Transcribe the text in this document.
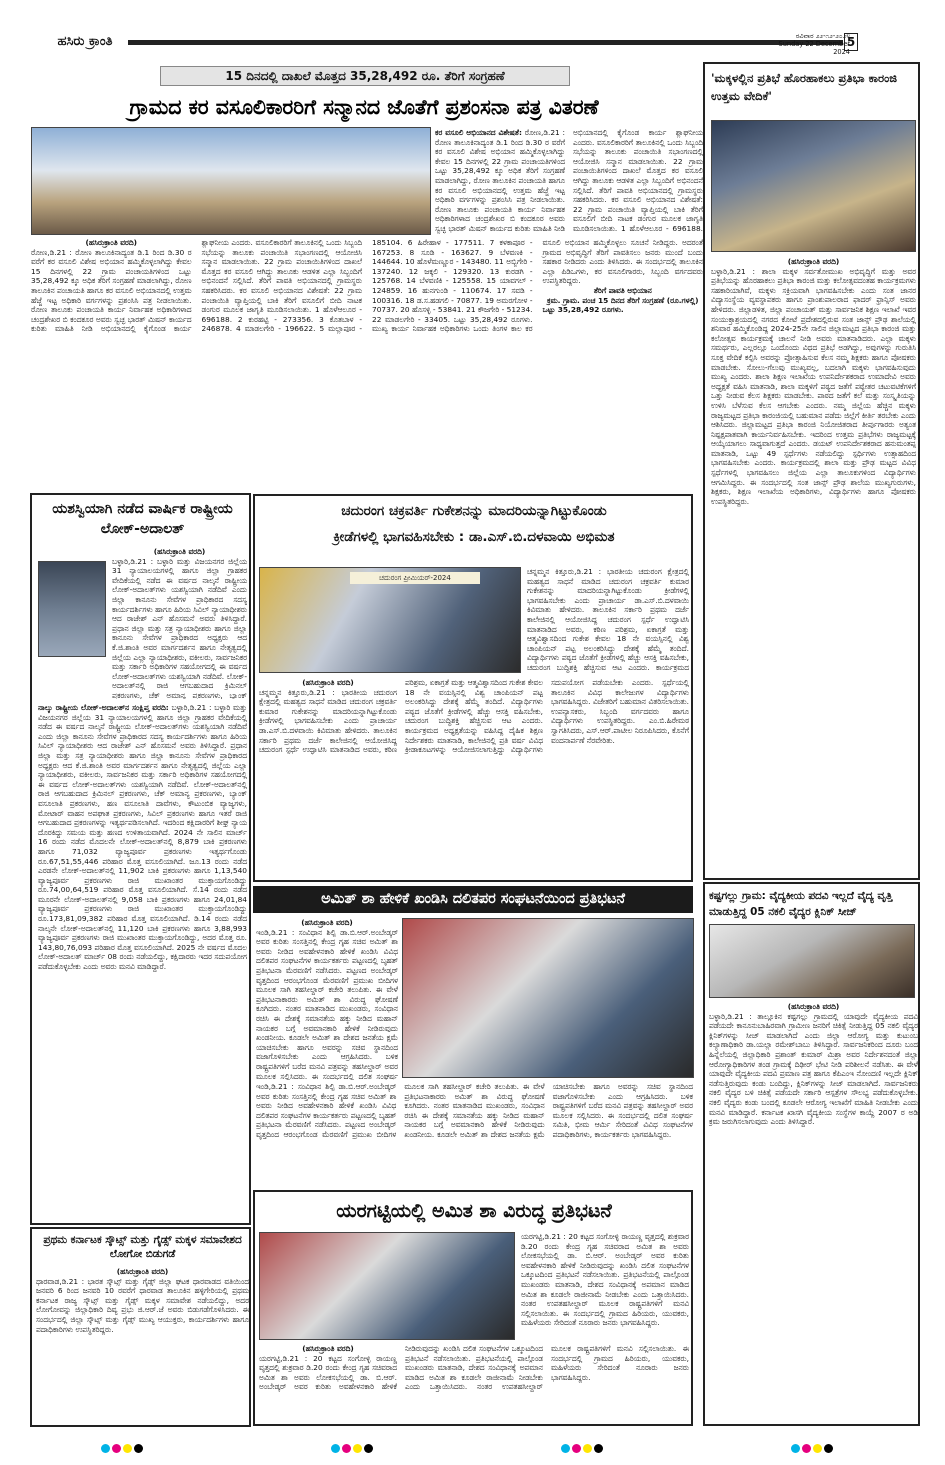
ಹಸಿರು ಕ್ರಾಂತಿ	ರವಿವಾರ ೨೨-೧೨-೨೦೨೪
Sunday 22 December 2024
5
15 ದಿನದಲ್ಲಿ ದಾಖಲೆ ಮೊತ್ತದ 35,28,492 ರೂ. ತೆರಿಗೆ ಸಂಗ್ರಹಣೆ
ಗ್ರಾಮದ ಕರ ವಸೂಲಿಕಾರರಿಗೆ ಸನ್ಮಾನದ ಜೊತೆಗೆ ಪ್ರಶಂಸನಾ ಪತ್ರ ವಿತರಣೆ
ಕರ ವಸೂಲಿ ಅಭಿಯಾನದ ವಿಶೇಷತೆ: ರೋಣ,ಡಿ.21 : ರೋಣ ತಾಲೂಕಿನಾದ್ಯಂತ ಡಿ.1 ರಿಂದ ಡಿ.30 ರ ವರೆಗೆ ಕರ ವಸೂಲಿ ವಿಶೇಷ ಅಭಿಯಾನ ಹಮ್ಮಿಕೊಳ್ಳಲಾಗಿದ್ದು ಕೇವಲ 15 ದಿನಗಳಲ್ಲಿ 22 ಗ್ರಾಮ ಪಂಚಾಯತಿಗಳಿಂದ ಒಟ್ಟು 35,28,492 ಕ್ಕೂ ಅಧಿಕ ತೆರಿಗೆ ಸಂಗ್ರಹಣೆ ಮಾಡಲಾಗಿದ್ದು, ರೋಣ ತಾಲೂಕಿನ ಪಂಚಾಯತಿ ಹಾಗೂ ಕರ ವಸೂಲಿ ಅಭಿಯಾನದಲ್ಲಿ ಉತ್ತಮ ಹೆಜ್ಜೆ ಇಟ್ಟ ಅಧಿಕಾರಿ ವರ್ಗಗಳನ್ನು ಪ್ರಶಂಸಿಸಿ ಪತ್ರ ನೀಡಲಾಯಿತು. ರೋಣ ತಾಲೂಕು ಪಂಚಾಯತಿ ಕಾರ್ಯ ನಿರ್ವಾಹಕ ಅಧಿಕಾರಿಗಳಾದ ಚಂದ್ರಶೇಖರ ಬಿ ಕಂದಕೂರ ಅವರು ಸ್ವಚ್ಛ ಭಾರತ್ ಮಿಷನ್ ಕಾರ್ಯದ ಕುರಿತು ಮಾಹಿತಿ ನೀಡಿ ಅಭಿಯಾನದಲ್ಲಿ ಕೈಗೊಂಡ ಕಾರ್ಯ ಶ್ಲಾಘನೀಯ ಎಂದರು. ವಸೂಲಿಕಾರರಿಗೆ ತಾಲೂಕಿನಲ್ಲಿ ಒಂದು ಸಿಬ್ಬಂದಿ ಸಭೆಯನ್ನು ತಾಲೂಕು ಪಂಚಾಯಿತಿ ಸಭಾಂಗಣದಲ್ಲಿ ಆಯೋಜಿಸಿ ಸನ್ಮಾನ ಮಾಡಲಾಯಿತು. 22 ಗ್ರಾಮ ಪಂಚಾಯಿತಿಗಳಿಂದ ದಾಖಲೆ ಮೊತ್ತದ ಕರ ವಸೂಲಿ ಆಗಿದ್ದು ತಾಲೂಕು ಆಡಳಿತ ಎಲ್ಲಾ ಸಿಬ್ಬಂದಿಗೆ ಅಭಿನಂದನೆ ಸಲ್ಲಿಸಿದೆ. ತೆರಿಗೆ ಪಾವತಿ ಅಭಿಯಾನದಲ್ಲಿ ಗ್ರಾಮಸ್ಥರು ಸಹಕರಿಸಿದರು. ಕರ ವಸೂಲಿ ಅಭಿಯಾನದ ವಿಶೇಷತೆ: 22 ಗ್ರಾಮ ಪಂಚಾಯಿತಿ ವ್ಯಾಪ್ತಿಯಲ್ಲಿ ಬಾಕಿ ತೆರಿಗೆ ವಸೂಲಿಗೆ ಬೀದಿ ನಾಟಕ ಡಂಗುರ ಮೂಲಕ ಜಾಗೃತಿ ಮೂಡಿಸಲಾಯಿತು. 1 ಹೊಳೆಆಲೂರ - 696188.
(ಹಸಿರುಕ್ರಾಂತಿ ವರದಿ)
ರೋಣ,ಡಿ.21 : ರೋಣ ತಾಲೂಕಿನಾದ್ಯಂತ ಡಿ.1 ರಿಂದ ಡಿ.30 ರ ವರೆಗೆ ಕರ ವಸೂಲಿ ವಿಶೇಷ ಅಭಿಯಾನ ಹಮ್ಮಿಕೊಳ್ಳಲಾಗಿದ್ದು ಕೇವಲ 15 ದಿನಗಳಲ್ಲಿ 22 ಗ್ರಾಮ ಪಂಚಾಯತಿಗಳಿಂದ ಒಟ್ಟು 35,28,492 ಕ್ಕೂ ಅಧಿಕ ತೆರಿಗೆ ಸಂಗ್ರಹಣೆ ಮಾಡಲಾಗಿದ್ದು, ರೋಣ ತಾಲೂಕಿನ ಪಂಚಾಯತಿ ಹಾಗೂ ಕರ ವಸೂಲಿ ಅಭಿಯಾನದಲ್ಲಿ ಉತ್ತಮ ಹೆಜ್ಜೆ ಇಟ್ಟ ಅಧಿಕಾರಿ ವರ್ಗಗಳನ್ನು ಪ್ರಶಂಸಿಸಿ ಪತ್ರ ನೀಡಲಾಯಿತು. ರೋಣ ತಾಲೂಕು ಪಂಚಾಯತಿ ಕಾರ್ಯ ನಿರ್ವಾಹಕ ಅಧಿಕಾರಿಗಳಾದ ಚಂದ್ರಶೇಖರ ಬಿ ಕಂದಕೂರ ಅವರು ಸ್ವಚ್ಛ ಭಾರತ್ ಮಿಷನ್ ಕಾರ್ಯದ ಕುರಿತು ಮಾಹಿತಿ ನೀಡಿ ಅಭಿಯಾನದಲ್ಲಿ ಕೈಗೊಂಡ ಕಾರ್ಯ ಶ್ಲಾಘನೀಯ ಎಂದರು. ವಸೂಲಿಕಾರರಿಗೆ ತಾಲೂಕಿನಲ್ಲಿ ಒಂದು ಸಿಬ್ಬಂದಿ ಸಭೆಯನ್ನು ತಾಲೂಕು ಪಂಚಾಯಿತಿ ಸಭಾಂಗಣದಲ್ಲಿ ಆಯೋಜಿಸಿ ಸನ್ಮಾನ ಮಾಡಲಾಯಿತು. 22 ಗ್ರಾಮ ಪಂಚಾಯಿತಿಗಳಿಂದ ದಾಖಲೆ ಮೊತ್ತದ ಕರ ವಸೂಲಿ ಆಗಿದ್ದು ತಾಲೂಕು ಆಡಳಿತ ಎಲ್ಲಾ ಸಿಬ್ಬಂದಿಗೆ ಅಭಿನಂದನೆ ಸಲ್ಲಿಸಿದೆ. ತೆರಿಗೆ ಪಾವತಿ ಅಭಿಯಾನದಲ್ಲಿ ಗ್ರಾಮಸ್ಥರು ಸಹಕರಿಸಿದರು. ಕರ ವಸೂಲಿ ಅಭಿಯಾನದ ವಿಶೇಷತೆ: 22 ಗ್ರಾಮ ಪಂಚಾಯಿತಿ ವ್ಯಾಪ್ತಿಯಲ್ಲಿ ಬಾಕಿ ತೆರಿಗೆ ವಸೂಲಿಗೆ ಬೀದಿ ನಾಟಕ ಡಂಗುರ ಮೂಲಕ ಜಾಗೃತಿ ಮೂಡಿಸಲಾಯಿತು. 1 ಹೊಳೆಆಲೂರ - 696188. 2 ಕುರಹಟ್ಟಿ - 273356. 3 ಕೊತಬಾಳ - 246878. 4 ಮಾಡಲಗೇರಿ - 196622. 5 ಮಲ್ಲಾಪೂರ - 185104. 6 ಹಿರೇಹಾಳ - 177511. 7 ಕಳಕಾಪೂರ - 167253. 8 ಸೂಡಿ - 163627. 9 ಬೆಳವಣಕಿ - 144644. 10 ಹೊಳೆಮಣ್ಣೂರ - 143480. 11 ಅಬ್ಬಿಗೇರಿ - 137240. 12 ಜಕ್ಕಲಿ - 129320. 13 ಕುರಡಗಿ - 125768. 14 ಬೆಳವಣಿಕಿ - 125558. 15 ಯಾವಗಲ್ - 124859. 16 ಹುನಗುಂಡಿ - 110674. 17 ಸವಡಿ - 100316. 18 ಡ.ಸ.ಹಡಗಲಿ - 70877. 19 ಅಮರಗೋಳ - 70737. 20 ಹೊಸಳ್ಳಿ - 53841. 21 ಕೌಜಗೇರಿ - 51234. 22 ಮಾಡಲಗೇರಿ - 33405. ಒಟ್ಟು 35,28,492 ರೂಗಳು. ಮುಖ್ಯ ಕಾರ್ಯ ನಿರ್ವಾಹಕ ಅಧಿಕಾರಿಗಳು ಒಂದು ತಿಂಗಳ ಕಾಲ ಕರ ವಸೂಲಿ ಅಭಿಯಾನ ಹಮ್ಮಿಕೊಳ್ಳಲು ಸೂಚನೆ ನೀಡಿದ್ದರು. ಅದರಂತೆ ಗ್ರಾಮದ ಅಭಿವೃದ್ಧಿಗೆ ತೆರಿಗೆ ಪಾವತಿಸಲು ಜನರು ಮುಂದೆ ಬಂದು ಸಹಕಾರ ನೀಡಿದರು ಎಂದು ತಿಳಿಸಿದರು. ಈ ಸಂದರ್ಭದಲ್ಲಿ ತಾಲೂಕಿನ ಎಲ್ಲಾ ಪಿಡಿಒಗಳು, ಕರ ವಸೂಲಿಗಾರರು, ಸಿಬ್ಬಂದಿ ವರ್ಗದವರು ಉಪಸ್ಥಿತರಿದ್ದರು.
ತೆರಿಗೆ ಪಾವತಿ ಅಭಿಯಾನ
ಕ್ರಮ. ಗ್ರಾಮ. ಪಂಚ 15 ದಿನದ ತೆರಿಗೆ ಸಂಗ್ರಹಣೆ (ರೂ.ಗಳಲ್ಲಿ)
ಒಟ್ಟು 35,28,492 ರೂಗಳು.
'ಮಕ್ಕಳಲ್ಲಿನ ಪ್ರತಿಭೆ ಹೊರಹಾಕಲು ಪ್ರತಿಭಾ ಕಾರಂಜಿ ಉತ್ತಮ ವೇದಿಕೆ'
(ಹಸಿರುಕ್ರಾಂತಿ ವರದಿ)
ಬಳ್ಳಾರಿ,ಡಿ.21 : ಶಾಲಾ ಮಕ್ಕಳ ಸರ್ವತೋಮುಖ ಅಭಿವೃದ್ಧಿಗೆ ಮತ್ತು ಅವರ ಪ್ರತಿಭೆಯನ್ನು ಹೊರಹಾಕಲು ಪ್ರತಿಭಾ ಕಾರಂಜಿ ಮತ್ತು ಕಲೋತ್ಸವದಂತಹ ಕಾರ್ಯಕ್ರಮಗಳು ಸಹಕಾರಿಯಾಗಿವೆ, ಮಕ್ಕಳು ಸಕ್ರಿಯವಾಗಿ ಭಾಗವಹಿಸಬೇಕು ಎಂದು ಸಂತ ಜಾನರ ವಿದ್ಯಾಸಂಸ್ಥೆಯ ವ್ಯವಸ್ಥಾಪಕರು ಹಾಗೂ ಪ್ರಾಂಶುಪಾಲರಾದ ಫಾದರ್ ಫ್ರಾನ್ಸಿಸ್ ಅವರು ಹೇಳಿದರು. ಜಿಲ್ಲಾಡಳಿತ, ಜಿಲ್ಲಾ ಪಂಚಾಯತ್ ಮತ್ತು ಸಾರ್ವಜನಿಕ ಶಿಕ್ಷಣ ಇಲಾಖೆ ಇವರ ಸಂಯುಕ್ತಾಶ್ರಯದಲ್ಲಿ ನಗರದ ಕೋಟೆ ಪ್ರದೇಶದಲ್ಲಿರುವ ಸಂತ ಜಾನ್ಸ್ ಪ್ರೌಢ ಶಾಲೆಯಲ್ಲಿ ಶನಿವಾರ ಹಮ್ಮಿಕೊಂಡಿದ್ದ 2024-25ನೇ ಸಾಲಿನ ಜಿಲ್ಲಾಮಟ್ಟದ ಪ್ರತಿಭಾ ಕಾರಂಜಿ ಮತ್ತು ಕಲೋತ್ಸವ ಕಾರ್ಯಕ್ರಮಕ್ಕೆ ಚಾಲನೆ ನೀಡಿ ಅವರು ಮಾತನಾಡಿದರು. ಎಲ್ಲಾ ಮಕ್ಕಳು ಸಮರ್ಥರು, ಎಲ್ಲರಲ್ಲೂ ಒಂದೊಂದು ವಿಧದ ಪ್ರತಿಭೆ ಅಡಗಿದ್ದು, ಅವುಗಳನ್ನು ಗುರುತಿಸಿ ಸೂಕ್ತ ವೇದಿಕೆ ಕಲ್ಪಿಸಿ ಅವರನ್ನು ಪ್ರೋತ್ಸಾಹಿಸುವ ಕೆಲಸ ನಮ್ಮ ಶಿಕ್ಷಕರು ಹಾಗೂ ಪೋಷಕರು ಮಾಡಬೇಕು. ಸೋಲು-ಗೆಲುವು ಮುಖ್ಯವಲ್ಲ, ಬದಲಾಗಿ ಮಕ್ಕಳು ಭಾಗವಹಿಸುವುದು ಮುಖ್ಯ ಎಂದರು. ಶಾಲಾ ಶಿಕ್ಷಣ ಇಲಾಖೆಯ ಉಪನಿರ್ದೇಶಕರಾದ ಉಮಾದೇವಿ ಅವರು ಅಧ್ಯಕ್ಷತೆ ವಹಿಸಿ ಮಾತನಾಡಿ, ಶಾಲಾ ಮಕ್ಕಳಿಗೆ ಪಠ್ಯದ ಜತೆಗೆ ಪಠ್ಯೇತರ ಚಟುವಟಿಕೆಗಳಿಗೆ ಒತ್ತು ನೀಡುವ ಕೆಲಸ ಶಿಕ್ಷಕರು ಮಾಡಬೇಕು. ಪಾಠದ ಜತೆಗೆ ಕಲೆ ಮತ್ತು ಸಂಸ್ಕೃತಿಯನ್ನು ಉಳಿಸಿ ಬೆಳೆಸುವ ಕೆಲಸ ಆಗಬೇಕು ಎಂದರು. ನಮ್ಮ ಜಿಲ್ಲೆಯ ಹೆಚ್ಚಿನ ಮಕ್ಕಳು ರಾಜ್ಯಮಟ್ಟದ ಪ್ರತಿಭಾ ಕಾರಂಜಿಯಲ್ಲಿ ಬಹುಮಾನ ಪಡೆದು ಜಿಲ್ಲೆಗೆ ಕೀರ್ತಿ ತರಬೇಕು ಎಂದು ಆಶಿಸಿದರು. ಜಿಲ್ಲಾಮಟ್ಟದ ಪ್ರತಿಭಾ ಕಾರಂಜಿ ನಿಯೋಜಿತರಾದ ತೀರ್ಪುಗಾರರು ಅತ್ಯಂತ ನಿಷ್ಪಕ್ಷಪಾತವಾಗಿ ಕಾರ್ಯನಿರ್ವಹಿಸಬೇಕು. ಇದರಿಂದ ಉತ್ತಮ ಪ್ರತಿಭೆಗಳು ರಾಜ್ಯಮಟ್ಟಕ್ಕೆ ಆಯ್ಕೆಯಾಗಲು ಸಾಧ್ಯವಾಗುತ್ತದೆ ಎಂದರು. ಡಯಟ್ ಉಪನಿರ್ದೇಶಕರಾದ ಹನುಮಂತಪ್ಪ ಮಾತನಾಡಿ, ಒಟ್ಟು 49 ಸ್ಪರ್ಧೆಗಳು ನಡೆಯಲಿದ್ದು ಸ್ಪರ್ಧಿಗಳು ಉತ್ಸಾಹದಿಂದ ಭಾಗವಹಿಸಬೇಕು ಎಂದರು. ಕಾರ್ಯಕ್ರಮದಲ್ಲಿ ಶಾಲಾ ಮತ್ತು ಪ್ರೌಢ ಮಟ್ಟದ ವಿವಿಧ ಸ್ಪರ್ಧೆಗಳಲ್ಲಿ ಭಾಗವಹಿಸಲು ಜಿಲ್ಲೆಯ ಎಲ್ಲಾ ತಾಲೂಕುಗಳಿಂದ ವಿದ್ಯಾರ್ಥಿಗಳು ಆಗಮಿಸಿದ್ದರು. ಈ ಸಂದರ್ಭದಲ್ಲಿ ಸಂತ ಜಾನ್ಸ್ ಪ್ರೌಢ ಶಾಲೆಯ ಮುಖ್ಯಗುರುಗಳು, ಶಿಕ್ಷಕರು, ಶಿಕ್ಷಣ ಇಲಾಖೆಯ ಅಧಿಕಾರಿಗಳು, ವಿದ್ಯಾರ್ಥಿಗಳು ಹಾಗೂ ಪೋಷಕರು ಉಪಸ್ಥಿತರಿದ್ದರು.
ಯಶಸ್ವಿಯಾಗಿ ನಡೆದ ವಾರ್ಷಿಕ ರಾಷ್ಟ್ರೀಯ ಲೋಕ್-ಅದಾಲತ್
(ಹಸಿರುಕ್ರಾಂತಿ ವರದಿ)
ಬಳ್ಳಾರಿ,ಡಿ.21 : ಬಳ್ಳಾರಿ ಮತ್ತು ವಿಜಯನಗರ ಜಿಲ್ಲೆಯ 31 ನ್ಯಾಯಾಲಯಗಳಲ್ಲಿ ಹಾಗೂ ಜಿಲ್ಲಾ ಗ್ರಾಹಕರ ವೇದಿಕೆಯಲ್ಲಿ ನಡೆದ ಈ ವರ್ಷದ ನಾಲ್ಕನೆ ರಾಷ್ಟ್ರೀಯ ಲೋಕ್-ಅದಾಲತ್‌ಗಳು ಯಶಸ್ವಿಯಾಗಿ ನಡೆದಿವೆ ಎಂದು ಜಿಲ್ಲಾ ಕಾನೂನು ಸೇವೆಗಳ ಪ್ರಾಧಿಕಾರದ ಸದಸ್ಯ ಕಾರ್ಯದರ್ಶಿಗಳು ಹಾಗೂ ಹಿರಿಯ ಸಿವಿಲ್ ನ್ಯಾಯಾಧೀಶರು ಆದ ರಾಜೇಶ್ ಎನ್ ಹೊಸಮನೆ ಅವರು ತಿಳಿಸಿದ್ದಾರೆ. ಪ್ರಧಾನ ಜಿಲ್ಲಾ ಮತ್ತು ಸತ್ರ ನ್ಯಾಯಾಧೀಶರು ಹಾಗೂ ಜಿಲ್ಲಾ ಕಾನೂನು ಸೇವೆಗಳ ಪ್ರಾಧಿಕಾರದ ಅಧ್ಯಕ್ಷರು ಆದ ಕೆ.ಜಿ.ಶಾಂತಿ ಅವರ ಮಾರ್ಗದರ್ಶನ ಹಾಗೂ ನೇತೃತ್ವದಲ್ಲಿ ಜಿಲ್ಲೆಯ ಎಲ್ಲಾ ನ್ಯಾಯಾಧೀಶರು, ವಕೀಲರು, ಸಾರ್ವಜನಿಕರ ಮತ್ತು ಸರ್ಕಾರಿ ಅಧಿಕಾರಿಗಳ ಸಹಯೋಗದಲ್ಲಿ ಈ ವರ್ಷದ ಲೋಕ್-ಅದಾಲತ್‌ಗಳು ಯಶಸ್ವಿಯಾಗಿ ನಡೆದಿವೆ. ಲೋಕ್-ಅದಾಲತ್‌ನಲ್ಲಿ ರಾಜಿ ಆಗಬಹುದಾದ ಕ್ರಿಮಿನಲ್ ಪ್ರಕರಣಗಳು, ಚೆಕ್ ಅಮಾನ್ಯ ಪ್ರಕರಣಗಳು, ಬ್ಯಾಂಕ್
ನಾಲ್ಕು ರಾಷ್ಟ್ರೀಯ ಲೋಕ್-ಅದಾಲತ್‌ನ ಸಂಕ್ಷಿಪ್ತ ವರದಿ: ಬಳ್ಳಾರಿ,ಡಿ.21 : ಬಳ್ಳಾರಿ ಮತ್ತು ವಿಜಯನಗರ ಜಿಲ್ಲೆಯ 31 ನ್ಯಾಯಾಲಯಗಳಲ್ಲಿ ಹಾಗೂ ಜಿಲ್ಲಾ ಗ್ರಾಹಕರ ವೇದಿಕೆಯಲ್ಲಿ ನಡೆದ ಈ ವರ್ಷದ ನಾಲ್ಕನೆ ರಾಷ್ಟ್ರೀಯ ಲೋಕ್-ಅದಾಲತ್‌ಗಳು ಯಶಸ್ವಿಯಾಗಿ ನಡೆದಿವೆ ಎಂದು ಜಿಲ್ಲಾ ಕಾನೂನು ಸೇವೆಗಳ ಪ್ರಾಧಿಕಾರದ ಸದಸ್ಯ ಕಾರ್ಯದರ್ಶಿಗಳು ಹಾಗೂ ಹಿರಿಯ ಸಿವಿಲ್ ನ್ಯಾಯಾಧೀಶರು ಆದ ರಾಜೇಶ್ ಎನ್ ಹೊಸಮನೆ ಅವರು ತಿಳಿಸಿದ್ದಾರೆ. ಪ್ರಧಾನ ಜಿಲ್ಲಾ ಮತ್ತು ಸತ್ರ ನ್ಯಾಯಾಧೀಶರು ಹಾಗೂ ಜಿಲ್ಲಾ ಕಾನೂನು ಸೇವೆಗಳ ಪ್ರಾಧಿಕಾರದ ಅಧ್ಯಕ್ಷರು ಆದ ಕೆ.ಜಿ.ಶಾಂತಿ ಅವರ ಮಾರ್ಗದರ್ಶನ ಹಾಗೂ ನೇತೃತ್ವದಲ್ಲಿ ಜಿಲ್ಲೆಯ ಎಲ್ಲಾ ನ್ಯಾಯಾಧೀಶರು, ವಕೀಲರು, ಸಾರ್ವಜನಿಕರ ಮತ್ತು ಸರ್ಕಾರಿ ಅಧಿಕಾರಿಗಳ ಸಹಯೋಗದಲ್ಲಿ ಈ ವರ್ಷದ ಲೋಕ್-ಅದಾಲತ್‌ಗಳು ಯಶಸ್ವಿಯಾಗಿ ನಡೆದಿವೆ. ಲೋಕ್-ಅದಾಲತ್‌ನಲ್ಲಿ ರಾಜಿ ಆಗಬಹುದಾದ ಕ್ರಿಮಿನಲ್ ಪ್ರಕರಣಗಳು, ಚೆಕ್ ಅಮಾನ್ಯ ಪ್ರಕರಣಗಳು, ಬ್ಯಾಂಕ್ ವಸೂಲಾತಿ ಪ್ರಕರಣಗಳು, ಹಣ ವಸೂಲಾತಿ ದಾವೆಗಳು, ಕೌಟುಂಬಿಕ ವ್ಯಾಜ್ಯಗಳು, ಮೋಟಾರ್ ವಾಹನ ಅಪಘಾತ ಪ್ರಕರಣಗಳು, ಸಿವಿಲ್ ಪ್ರಕರಣಗಳು ಹಾಗೂ ಇತರೆ ರಾಜಿ ಆಗಬಹುದಾದ ಪ್ರಕರಣಗಳನ್ನು ಇತ್ಯರ್ಥಪಡಿಸಲಾಗಿದೆ. ಇದರಿಂದ ಕಕ್ಷಿದಾರರಿಗೆ ಶೀಘ್ರ ನ್ಯಾಯ ದೊರಕಿದ್ದು ಸಮಯ ಮತ್ತು ಹಣದ ಉಳಿತಾಯವಾಗಿದೆ. 2024 ನೇ ಸಾಲಿನ ಮಾರ್ಚ್ 16 ರಂದು ನಡೆದ ಮೊದಲನೇ ಲೋಕ್-ಅದಾಲತ್‌ನಲ್ಲಿ 8,879 ಬಾಕಿ ಪ್ರಕರಣಗಳು ಹಾಗೂ 71,032 ವ್ಯಾಜ್ಯಪೂರ್ವ ಪ್ರಕರಣಗಳು ಇತ್ಯರ್ಥಗೊಂಡು ರೂ.67,51,55,446 ಪರಿಹಾರ ಮೊತ್ತ ವಸೂಲಿಯಾಗಿದೆ. ಜೂ.13 ರಂದು ನಡೆದ ಎರಡನೇ ಲೋಕ್-ಅದಾಲತ್‌ನಲ್ಲಿ 11,902 ಬಾಕಿ ಪ್ರಕರಣಗಳು ಹಾಗೂ 1,13,540 ವ್ಯಾಜ್ಯಪೂರ್ವ ಪ್ರಕರಣಗಳು ರಾಜಿ ಮುಖಾಂತರ ಮುಕ್ತಾಯಗೊಂಡಿದ್ದು ರೂ.74,00,64,519 ಪರಿಹಾರ ಮೊತ್ತ ವಸೂಲಿಯಾಗಿದೆ. ಸೆ.14 ರಂದು ನಡೆದ ಮೂರನೇ ಲೋಕ್-ಅದಾಲತ್‌ನಲ್ಲಿ 9,058 ಬಾಕಿ ಪ್ರಕರಣಗಳು ಹಾಗೂ 24,01,84 ವ್ಯಾಜ್ಯಪೂರ್ವ ಪ್ರಕರಣಗಳು ರಾಜಿ ಮುಖಾಂತರ ಮುಕ್ತಾಯಗೊಂಡಿದ್ದು ರೂ.173,81,09,382 ಪರಿಹಾರ ಮೊತ್ತ ವಸೂಲಿಯಾಗಿದೆ. ಡಿ.14 ರಂದು ನಡೆದ ನಾಲ್ಕನೇ ಲೋಕ್-ಅದಾಲತ್‌ನಲ್ಲಿ 11,120 ಬಾಕಿ ಪ್ರಕರಣಗಳು ಹಾಗೂ 3,88,993 ವ್ಯಾಜ್ಯಪೂರ್ವ ಪ್ರಕರಣಗಳು ರಾಜಿ ಮುಖಾಂತರ ಮುಕ್ತಾಯಗೊಂಡಿದ್ದು, ಅದರ ಮೊತ್ತ ರೂ. 143,80,76,093 ಪರಿಹಾರ ಮೊತ್ತ ವಸೂಲಿಯಾಗಿದೆ. 2025 ನೇ ವರ್ಷದ ಮೊದಲ ಲೋಕ್-ಅದಾಲತ್ ಮಾರ್ಚ್ 08 ರಂದು ನಡೆಯಲಿದ್ದು, ಕಕ್ಷಿದಾರರು ಇದರ ಸದುಪಯೋಗ ಪಡೆದುಕೊಳ್ಳಬೇಕು ಎಂದು ಅವರು ಮನವಿ ಮಾಡಿದ್ದಾರೆ.
ಚದುರಂಗ ಚಕ್ರವರ್ತಿ ಗುಕೇಶನನ್ನು ಮಾದರಿಯನ್ನಾಗಿಟ್ಟುಕೊಂಡು
ಕ್ರೀಡೆಗಳಲ್ಲಿ ಭಾಗವಹಿಸಬೇಕು : ಡಾ.ಎಸ್.ಬಿ.ದಳವಾಯಿ ಅಭಿಮತ
ಚದುರಂಗ ಪ್ರೀಮಿಯರ್-2024
ಚನ್ನಮ್ಮನ ಕಿತ್ತೂರು,ಡಿ.21 : ಭಾರತೀಯ ಚದುರಂಗ ಕ್ಷೇತ್ರದಲ್ಲಿ ಮಹತ್ವದ ಸಾಧನೆ ಮಾಡಿದ ಚದುರಂಗ ಚಕ್ರವರ್ತಿ ಕುಮಾರ ಗುಕೇಶನನ್ನು ಮಾದರಿಯನ್ನಾಗಿಟ್ಟುಕೊಂಡು ಕ್ರೀಡೆಗಳಲ್ಲಿ ಭಾಗವಹಿಸಬೇಕು ಎಂದು ಪ್ರಾಚಾರ್ಯ ಡಾ.ಎಸ್.ಬಿ.ದಳವಾಯಿ ಕಿವಿಮಾತು ಹೇಳಿದರು. ತಾಲೂಕಿನ ಸರ್ಕಾರಿ ಪ್ರಥಮ ದರ್ಜೆ ಕಾಲೇಜಿನಲ್ಲಿ ಆಯೋಜಿಸಿದ್ದ ಚದುರಂಗ ಸ್ಪರ್ಧೆ ಉದ್ಘಾಟಿಸಿ ಮಾತನಾಡಿದ ಅವರು, ಕಠಿಣ ಪರಿಶ್ರಮ, ಏಕಾಗ್ರತೆ ಮತ್ತು ಆತ್ಮವಿಶ್ವಾಸದಿಂದ ಗುಕೇಶ ಕೇವಲ 18 ನೇ ವಯಸ್ಸಿನಲ್ಲಿ ವಿಶ್ವ ಚಾಂಪಿಯನ್ ಪಟ್ಟ ಅಲಂಕರಿಸಿದ್ದು ದೇಶಕ್ಕೆ ಹೆಮ್ಮೆ ತಂದಿದೆ. ವಿದ್ಯಾರ್ಥಿಗಳು ಪಠ್ಯದ ಜೊತೆಗೆ ಕ್ರೀಡೆಗಳಲ್ಲಿ ಹೆಚ್ಚು ಆಸಕ್ತಿ ವಹಿಸಬೇಕು, ಚದುರಂಗ ಬುದ್ಧಿಶಕ್ತಿ ಹೆಚ್ಚಿಸುವ ಆಟ ಎಂದರು. ಕಾರ್ಯಕ್ರಮದ
(ಹಸಿರುಕ್ರಾಂತಿ ವರದಿ)
ಚನ್ನಮ್ಮನ ಕಿತ್ತೂರು,ಡಿ.21 : ಭಾರತೀಯ ಚದುರಂಗ ಕ್ಷೇತ್ರದಲ್ಲಿ ಮಹತ್ವದ ಸಾಧನೆ ಮಾಡಿದ ಚದುರಂಗ ಚಕ್ರವರ್ತಿ ಕುಮಾರ ಗುಕೇಶನನ್ನು ಮಾದರಿಯನ್ನಾಗಿಟ್ಟುಕೊಂಡು ಕ್ರೀಡೆಗಳಲ್ಲಿ ಭಾಗವಹಿಸಬೇಕು ಎಂದು ಪ್ರಾಚಾರ್ಯ ಡಾ.ಎಸ್.ಬಿ.ದಳವಾಯಿ ಕಿವಿಮಾತು ಹೇಳಿದರು. ತಾಲೂಕಿನ ಸರ್ಕಾರಿ ಪ್ರಥಮ ದರ್ಜೆ ಕಾಲೇಜಿನಲ್ಲಿ ಆಯೋಜಿಸಿದ್ದ ಚದುರಂಗ ಸ್ಪರ್ಧೆ ಉದ್ಘಾಟಿಸಿ ಮಾತನಾಡಿದ ಅವರು, ಕಠಿಣ ಪರಿಶ್ರಮ, ಏಕಾಗ್ರತೆ ಮತ್ತು ಆತ್ಮವಿಶ್ವಾಸದಿಂದ ಗುಕೇಶ ಕೇವಲ 18 ನೇ ವಯಸ್ಸಿನಲ್ಲಿ ವಿಶ್ವ ಚಾಂಪಿಯನ್ ಪಟ್ಟ ಅಲಂಕರಿಸಿದ್ದು ದೇಶಕ್ಕೆ ಹೆಮ್ಮೆ ತಂದಿದೆ. ವಿದ್ಯಾರ್ಥಿಗಳು ಪಠ್ಯದ ಜೊತೆಗೆ ಕ್ರೀಡೆಗಳಲ್ಲಿ ಹೆಚ್ಚು ಆಸಕ್ತಿ ವಹಿಸಬೇಕು, ಚದುರಂಗ ಬುದ್ಧಿಶಕ್ತಿ ಹೆಚ್ಚಿಸುವ ಆಟ ಎಂದರು. ಕಾರ್ಯಕ್ರಮದ ಅಧ್ಯಕ್ಷತೆಯನ್ನು ವಹಿಸಿದ್ದ ದೈಹಿಕ ಶಿಕ್ಷಣ ನಿರ್ದೇಶಕರು ಮಾತನಾಡಿ, ಕಾಲೇಜಿನಲ್ಲಿ ಪ್ರತಿ ವರ್ಷ ವಿವಿಧ ಕ್ರೀಡಾಕೂಟಗಳನ್ನು ಆಯೋಜಿಸಲಾಗುತ್ತಿದ್ದು ವಿದ್ಯಾರ್ಥಿಗಳು ಸದುಪಯೋಗ ಪಡೆಯಬೇಕು ಎಂದರು. ಸ್ಪರ್ಧೆಯಲ್ಲಿ ತಾಲೂಕಿನ ವಿವಿಧ ಕಾಲೇಜುಗಳ ವಿದ್ಯಾರ್ಥಿಗಳು ಭಾಗವಹಿಸಿದ್ದರು. ವಿಜೇತರಿಗೆ ಬಹುಮಾನ ವಿತರಿಸಲಾಯಿತು. ಉಪನ್ಯಾಸಕರು, ಸಿಬ್ಬಂದಿ ವರ್ಗದವರು ಹಾಗೂ ವಿದ್ಯಾರ್ಥಿಗಳು ಉಪಸ್ಥಿತರಿದ್ದರು. ಎಂ.ಬಿ.ಹಿರೇಮಠ ಸ್ವಾಗತಿಸಿದರು, ಎಸ್.ಆರ್.ಪಾಟೀಲ ನಿರೂಪಿಸಿದರು, ಕೊನೆಗೆ ವಂದನಾರ್ಪಣೆ ನೆರವೇರಿತು.
ಅಮಿತ್ ಶಾ ಹೇಳಿಕೆ ಖಂಡಿಸಿ ದಲಿತಪರ ಸಂಘಟನೆಯಿಂದ ಪ್ರತಿಭಟನೆ
(ಹಸಿರುಕ್ರಾಂತಿ ವರದಿ)
ಇಂಡಿ,ಡಿ.21 : ಸಂವಿಧಾನ ಶಿಲ್ಪಿ ಡಾ.ಬಿ.ಆರ್.ಅಂಬೇಡ್ಕರ್ ಅವರ ಕುರಿತು ಸಂಸತ್ತಿನಲ್ಲಿ ಕೇಂದ್ರ ಗೃಹ ಸಚಿವ ಅಮಿತ್ ಶಾ ಅವರು ನೀಡಿದ ಅವಹೇಳನಕಾರಿ ಹೇಳಿಕೆ ಖಂಡಿಸಿ ವಿವಿಧ ದಲಿತಪರ ಸಂಘಟನೆಗಳ ಕಾರ್ಯಕರ್ತರು ಪಟ್ಟಣದಲ್ಲಿ ಬೃಹತ್ ಪ್ರತಿಭಟನಾ ಮೆರವಣಿಗೆ ನಡೆಸಿದರು. ಪಟ್ಟಣದ ಅಂಬೇಡ್ಕರ್ ವೃತ್ತದಿಂದ ಆರಂಭಗೊಂಡ ಮೆರವಣಿಗೆ ಪ್ರಮುಖ ಬೀದಿಗಳ ಮೂಲಕ ಸಾಗಿ ತಹಸೀಲ್ದಾರ್ ಕಚೇರಿ ತಲುಪಿತು. ಈ ವೇಳೆ ಪ್ರತಿಭಟನಾಕಾರರು ಅಮಿತ್ ಶಾ ವಿರುದ್ಧ ಘೋಷಣೆ ಕೂಗಿದರು. ನಂತರ ಮಾತನಾಡಿದ ಮುಖಂಡರು, ಸಂವಿಧಾನ ರಚಿಸಿ ಈ ದೇಶಕ್ಕೆ ಸಮಾನತೆಯ ಹಕ್ಕು ನೀಡಿದ ಮಹಾನ್ ನಾಯಕರ ಬಗ್ಗೆ ಅವಮಾನಕಾರಿ ಹೇಳಿಕೆ ನೀಡಿರುವುದು ಖಂಡನೀಯ. ಕೂಡಲೇ ಅಮಿತ್ ಶಾ ದೇಶದ ಜನತೆಯ ಕ್ಷಮೆ ಯಾಚಿಸಬೇಕು ಹಾಗೂ ಅವರನ್ನು ಸಚಿವ ಸ್ಥಾನದಿಂದ ವಜಾಗೊಳಿಸಬೇಕು ಎಂದು ಆಗ್ರಹಿಸಿದರು. ಬಳಿಕ ರಾಷ್ಟ್ರಪತಿಗಳಿಗೆ ಬರೆದ ಮನವಿ ಪತ್ರವನ್ನು ತಹಸೀಲ್ದಾರ್ ಅವರ ಮೂಲಕ ಸಲ್ಲಿಸಿದರು. ಈ ಸಂದರ್ಭದಲ್ಲಿ ದಲಿತ ಸಂಘರ್ಷ
ಇಂಡಿ,ಡಿ.21 : ಸಂವಿಧಾನ ಶಿಲ್ಪಿ ಡಾ.ಬಿ.ಆರ್.ಅಂಬೇಡ್ಕರ್ ಅವರ ಕುರಿತು ಸಂಸತ್ತಿನಲ್ಲಿ ಕೇಂದ್ರ ಗೃಹ ಸಚಿವ ಅಮಿತ್ ಶಾ ಅವರು ನೀಡಿದ ಅವಹೇಳನಕಾರಿ ಹೇಳಿಕೆ ಖಂಡಿಸಿ ವಿವಿಧ ದಲಿತಪರ ಸಂಘಟನೆಗಳ ಕಾರ್ಯಕರ್ತರು ಪಟ್ಟಣದಲ್ಲಿ ಬೃಹತ್ ಪ್ರತಿಭಟನಾ ಮೆರವಣಿಗೆ ನಡೆಸಿದರು. ಪಟ್ಟಣದ ಅಂಬೇಡ್ಕರ್ ವೃತ್ತದಿಂದ ಆರಂಭಗೊಂಡ ಮೆರವಣಿಗೆ ಪ್ರಮುಖ ಬೀದಿಗಳ ಮೂಲಕ ಸಾಗಿ ತಹಸೀಲ್ದಾರ್ ಕಚೇರಿ ತಲುಪಿತು. ಈ ವೇಳೆ ಪ್ರತಿಭಟನಾಕಾರರು ಅಮಿತ್ ಶಾ ವಿರುದ್ಧ ಘೋಷಣೆ ಕೂಗಿದರು. ನಂತರ ಮಾತನಾಡಿದ ಮುಖಂಡರು, ಸಂವಿಧಾನ ರಚಿಸಿ ಈ ದೇಶಕ್ಕೆ ಸಮಾನತೆಯ ಹಕ್ಕು ನೀಡಿದ ಮಹಾನ್ ನಾಯಕರ ಬಗ್ಗೆ ಅವಮಾನಕಾರಿ ಹೇಳಿಕೆ ನೀಡಿರುವುದು ಖಂಡನೀಯ. ಕೂಡಲೇ ಅಮಿತ್ ಶಾ ದೇಶದ ಜನತೆಯ ಕ್ಷಮೆ ಯಾಚಿಸಬೇಕು ಹಾಗೂ ಅವರನ್ನು ಸಚಿವ ಸ್ಥಾನದಿಂದ ವಜಾಗೊಳಿಸಬೇಕು ಎಂದು ಆಗ್ರಹಿಸಿದರು. ಬಳಿಕ ರಾಷ್ಟ್ರಪತಿಗಳಿಗೆ ಬರೆದ ಮನವಿ ಪತ್ರವನ್ನು ತಹಸೀಲ್ದಾರ್ ಅವರ ಮೂಲಕ ಸಲ್ಲಿಸಿದರು. ಈ ಸಂದರ್ಭದಲ್ಲಿ ದಲಿತ ಸಂಘರ್ಷ ಸಮಿತಿ, ಭೀಮ ಆರ್ಮಿ ಸೇರಿದಂತೆ ವಿವಿಧ ಸಂಘಟನೆಗಳ ಪದಾಧಿಕಾರಿಗಳು, ಕಾರ್ಯಕರ್ತರು ಭಾಗವಹಿಸಿದ್ದರು.
ಕಷ್ಟಗಲ್ಲು ಗ್ರಾಮ: ವೈದ್ಯಕೀಯ ಪದವಿ ಇಲ್ಲದೆ ವೈದ್ಯ ವೃತ್ತಿ ಮಾಡುತ್ತಿದ್ದ 05 ನಕಲಿ ವೈದ್ಯರ ಕ್ಲಿನಿಕ್ ಸೀಜ್
(ಹಸಿರುಕ್ರಾಂತಿ ವರದಿ)
ಬಳ್ಳಾರಿ,ಡಿ.21 : ತಾಲ್ಲೂಕಿನ ಕಷ್ಟಗಲ್ಲು ಗ್ರಾಮದಲ್ಲಿ ಯಾವುದೇ ವೈದ್ಯಕೀಯ ಪದವಿ ಪಡೆಯದೇ ಕಾನೂನುಬಾಹಿರವಾಗಿ ಗ್ರಾಮೀಣ ಜನರಿಗೆ ಚಿಕಿತ್ಸೆ ನೀಡುತ್ತಿದ್ದ 05 ನಕಲಿ ವೈದ್ಯರ ಕ್ಲಿನಿಕ್‌ಗಳನ್ನು ಸೀಜ್ ಮಾಡಲಾಗಿದೆ ಎಂದು ಜಿಲ್ಲಾ ಆರೋಗ್ಯ ಮತ್ತು ಕುಟುಂಬ ಕಲ್ಯಾಣಾಧಿಕಾರಿ ಡಾ.ಯಲ್ಲಾ ರಮೇಶ್‌ಬಾಬು ತಿಳಿಸಿದ್ದಾರೆ. ಸಾರ್ವಜನಿಕರಿಂದ ದೂರು ಬಂದ ಹಿನ್ನೆಲೆಯಲ್ಲಿ ಜಿಲ್ಲಾಧಿಕಾರಿ ಪ್ರಶಾಂತ್ ಕುಮಾರ್ ಮಿಶ್ರಾ ಅವರ ನಿರ್ದೇಶನದಂತೆ ಜಿಲ್ಲಾ ಆರೋಗ್ಯಾಧಿಕಾರಿಗಳ ತಂಡ ಗ್ರಾಮಕ್ಕೆ ದಿಢೀರ್ ಭೇಟಿ ನೀಡಿ ಪರಿಶೀಲನೆ ನಡೆಸಿತು. ಈ ವೇಳೆ ಯಾವುದೇ ವೈದ್ಯಕೀಯ ಪದವಿ ಪ್ರಮಾಣ ಪತ್ರ ಹಾಗೂ ಕೆಪಿಎಂಇ ನೋಂದಣಿ ಇಲ್ಲದೇ ಕ್ಲಿನಿಕ್ ನಡೆಸುತ್ತಿರುವುದು ಕಂಡು ಬಂದಿದ್ದು, ಕ್ಲಿನಿಕ್‌ಗಳನ್ನು ಸೀಜ್ ಮಾಡಲಾಗಿದೆ. ಸಾರ್ವಜನಿಕರು ನಕಲಿ ವೈದ್ಯರ ಬಳಿ ಚಿಕಿತ್ಸೆ ಪಡೆಯದೇ ಸರ್ಕಾರಿ ಆಸ್ಪತ್ರೆಗಳ ಸೌಲಭ್ಯ ಪಡೆದುಕೊಳ್ಳಬೇಕು. ನಕಲಿ ವೈದ್ಯರು ಕಂಡು ಬಂದಲ್ಲಿ ಕೂಡಲೇ ಆರೋಗ್ಯ ಇಲಾಖೆಗೆ ಮಾಹಿತಿ ನೀಡಬೇಕು ಎಂದು ಮನವಿ ಮಾಡಿದ್ದಾರೆ. ಕರ್ನಾಟಕ ಖಾಸಗಿ ವೈದ್ಯಕೀಯ ಸಂಸ್ಥೆಗಳ ಕಾಯ್ದೆ 2007 ರ ಅಡಿ ಕ್ರಮ ಜರುಗಿಸಲಾಗುವುದು ಎಂದು ತಿಳಿಸಿದ್ದಾರೆ.
ಪ್ರಥಮ ಕರ್ನಾಟಕ ಸ್ಕೌಟ್ಸ್ ಮತ್ತು ಗೈಡ್ಸ್ ಮಕ್ಕಳ ಸಮಾವೇಶದ ಲೋಗೋ ಬಿಡುಗಡೆ
(ಹಸಿರುಕ್ರಾಂತಿ ವರದಿ)
ಧಾರವಾಡ,ಡಿ.21 : ಭಾರತ ಸ್ಕೌಟ್ಸ್ ಮತ್ತು ಗೈಡ್ಸ್ ಜಿಲ್ಲಾ ಘಟಕ ಧಾರವಾಡದ ವತಿಯಿಂದ ಜನವರಿ 6 ರಿಂದ ಜನವರಿ 10 ರವರೆಗೆ ಧಾರವಾಡ ತಾಲೂಕಿನ ಹಳ್ಳಿಗೇರಿಯಲ್ಲಿ ಪ್ರಥಮ ಕರ್ನಾಟಕ ರಾಜ್ಯ ಸ್ಕೌಟ್ಸ್ ಮತ್ತು ಗೈಡ್ಸ್ ಮಕ್ಕಳ ಸಮಾವೇಶ ನಡೆಯಲಿದ್ದು, ಅದರ ಲೋಗೋವನ್ನು ಜಿಲ್ಲಾಧಿಕಾರಿ ದಿವ್ಯ ಪ್ರಭು ಜಿ.ಆರ್.ಜೆ ಅವರು ಬಿಡುಗಡೆಗೊಳಿಸಿದರು. ಈ ಸಂದರ್ಭದಲ್ಲಿ ಜಿಲ್ಲಾ ಸ್ಕೌಟ್ಸ್ ಮತ್ತು ಗೈಡ್ಸ್ ಮುಖ್ಯ ಆಯುಕ್ತರು, ಕಾರ್ಯದರ್ಶಿಗಳು ಹಾಗೂ ಪದಾಧಿಕಾರಿಗಳು ಉಪಸ್ಥಿತರಿದ್ದರು.
ಯರಗಟ್ಟಿಯಲ್ಲಿ ಅಮಿತ ಶಾ ವಿರುದ್ಧ ಪ್ರತಿಭಟನೆ
ಯರಗಟ್ಟಿ,ಡಿ.21 : 20 ಕಟ್ಟದ ಸಂಗೋಳ್ಳಿ ರಾಯಣ್ಣ ವೃತ್ತದಲ್ಲಿ ಶುಕ್ರವಾರ ಡಿ.20 ರಂದು ಕೇಂದ್ರ ಗೃಹ ಸಚಿವರಾದ ಅಮಿತ ಶಾ ಅವರು ಲೋಕಸಭೆಯಲ್ಲಿ ಡಾ. ಬಿ.ಆರ್. ಅಂಬೇಡ್ಕರ್ ಅವರ ಕುರಿತು ಅವಹೇಳನಕಾರಿ ಹೇಳಿಕೆ ನೀಡಿರುವುದನ್ನು ಖಂಡಿಸಿ ದಲಿತ ಸಂಘಟನೆಗಳ ಒಕ್ಕೂಟದಿಂದ ಪ್ರತಿಭಟನೆ ನಡೆಸಲಾಯಿತು. ಪ್ರತಿಭಟನೆಯಲ್ಲಿ ಪಾಲ್ಗೊಂಡ ಮುಖಂಡರು ಮಾತನಾಡಿ, ದೇಶದ ಸಂವಿಧಾನಕ್ಕೆ ಅಪಮಾನ ಮಾಡಿದ ಅಮಿತ ಶಾ ಕೂಡಲೇ ರಾಜೀನಾಮೆ ನೀಡಬೇಕು ಎಂದು ಒತ್ತಾಯಿಸಿದರು. ನಂತರ ಉಪತಹಸೀಲ್ದಾರ್ ಮೂಲಕ ರಾಷ್ಟ್ರಪತಿಗಳಿಗೆ ಮನವಿ ಸಲ್ಲಿಸಲಾಯಿತು. ಈ ಸಂದರ್ಭದಲ್ಲಿ ಗ್ರಾಮದ ಹಿರಿಯರು, ಯುವಕರು, ಮಹಿಳೆಯರು ಸೇರಿದಂತೆ ನೂರಾರು ಜನರು ಭಾಗವಹಿಸಿದ್ದರು.
(ಹಸಿರುಕ್ರಾಂತಿ ವರದಿ)
ಯರಗಟ್ಟಿ,ಡಿ.21 : 20 ಕಟ್ಟದ ಸಂಗೋಳ್ಳಿ ರಾಯಣ್ಣ ವೃತ್ತದಲ್ಲಿ ಶುಕ್ರವಾರ ಡಿ.20 ರಂದು ಕೇಂದ್ರ ಗೃಹ ಸಚಿವರಾದ ಅಮಿತ ಶಾ ಅವರು ಲೋಕಸಭೆಯಲ್ಲಿ ಡಾ. ಬಿ.ಆರ್. ಅಂಬೇಡ್ಕರ್ ಅವರ ಕುರಿತು ಅವಹೇಳನಕಾರಿ ಹೇಳಿಕೆ ನೀಡಿರುವುದನ್ನು ಖಂಡಿಸಿ ದಲಿತ ಸಂಘಟನೆಗಳ ಒಕ್ಕೂಟದಿಂದ ಪ್ರತಿಭಟನೆ ನಡೆಸಲಾಯಿತು. ಪ್ರತಿಭಟನೆಯಲ್ಲಿ ಪಾಲ್ಗೊಂಡ ಮುಖಂಡರು ಮಾತನಾಡಿ, ದೇಶದ ಸಂವಿಧಾನಕ್ಕೆ ಅಪಮಾನ ಮಾಡಿದ ಅಮಿತ ಶಾ ಕೂಡಲೇ ರಾಜೀನಾಮೆ ನೀಡಬೇಕು ಎಂದು ಒತ್ತಾಯಿಸಿದರು. ನಂತರ ಉಪತಹಸೀಲ್ದಾರ್ ಮೂಲಕ ರಾಷ್ಟ್ರಪತಿಗಳಿಗೆ ಮನವಿ ಸಲ್ಲಿಸಲಾಯಿತು. ಈ ಸಂದರ್ಭದಲ್ಲಿ ಗ್ರಾಮದ ಹಿರಿಯರು, ಯುವಕರು, ಮಹಿಳೆಯರು ಸೇರಿದಂತೆ ನೂರಾರು ಜನರು ಭಾಗವಹಿಸಿದ್ದರು.
